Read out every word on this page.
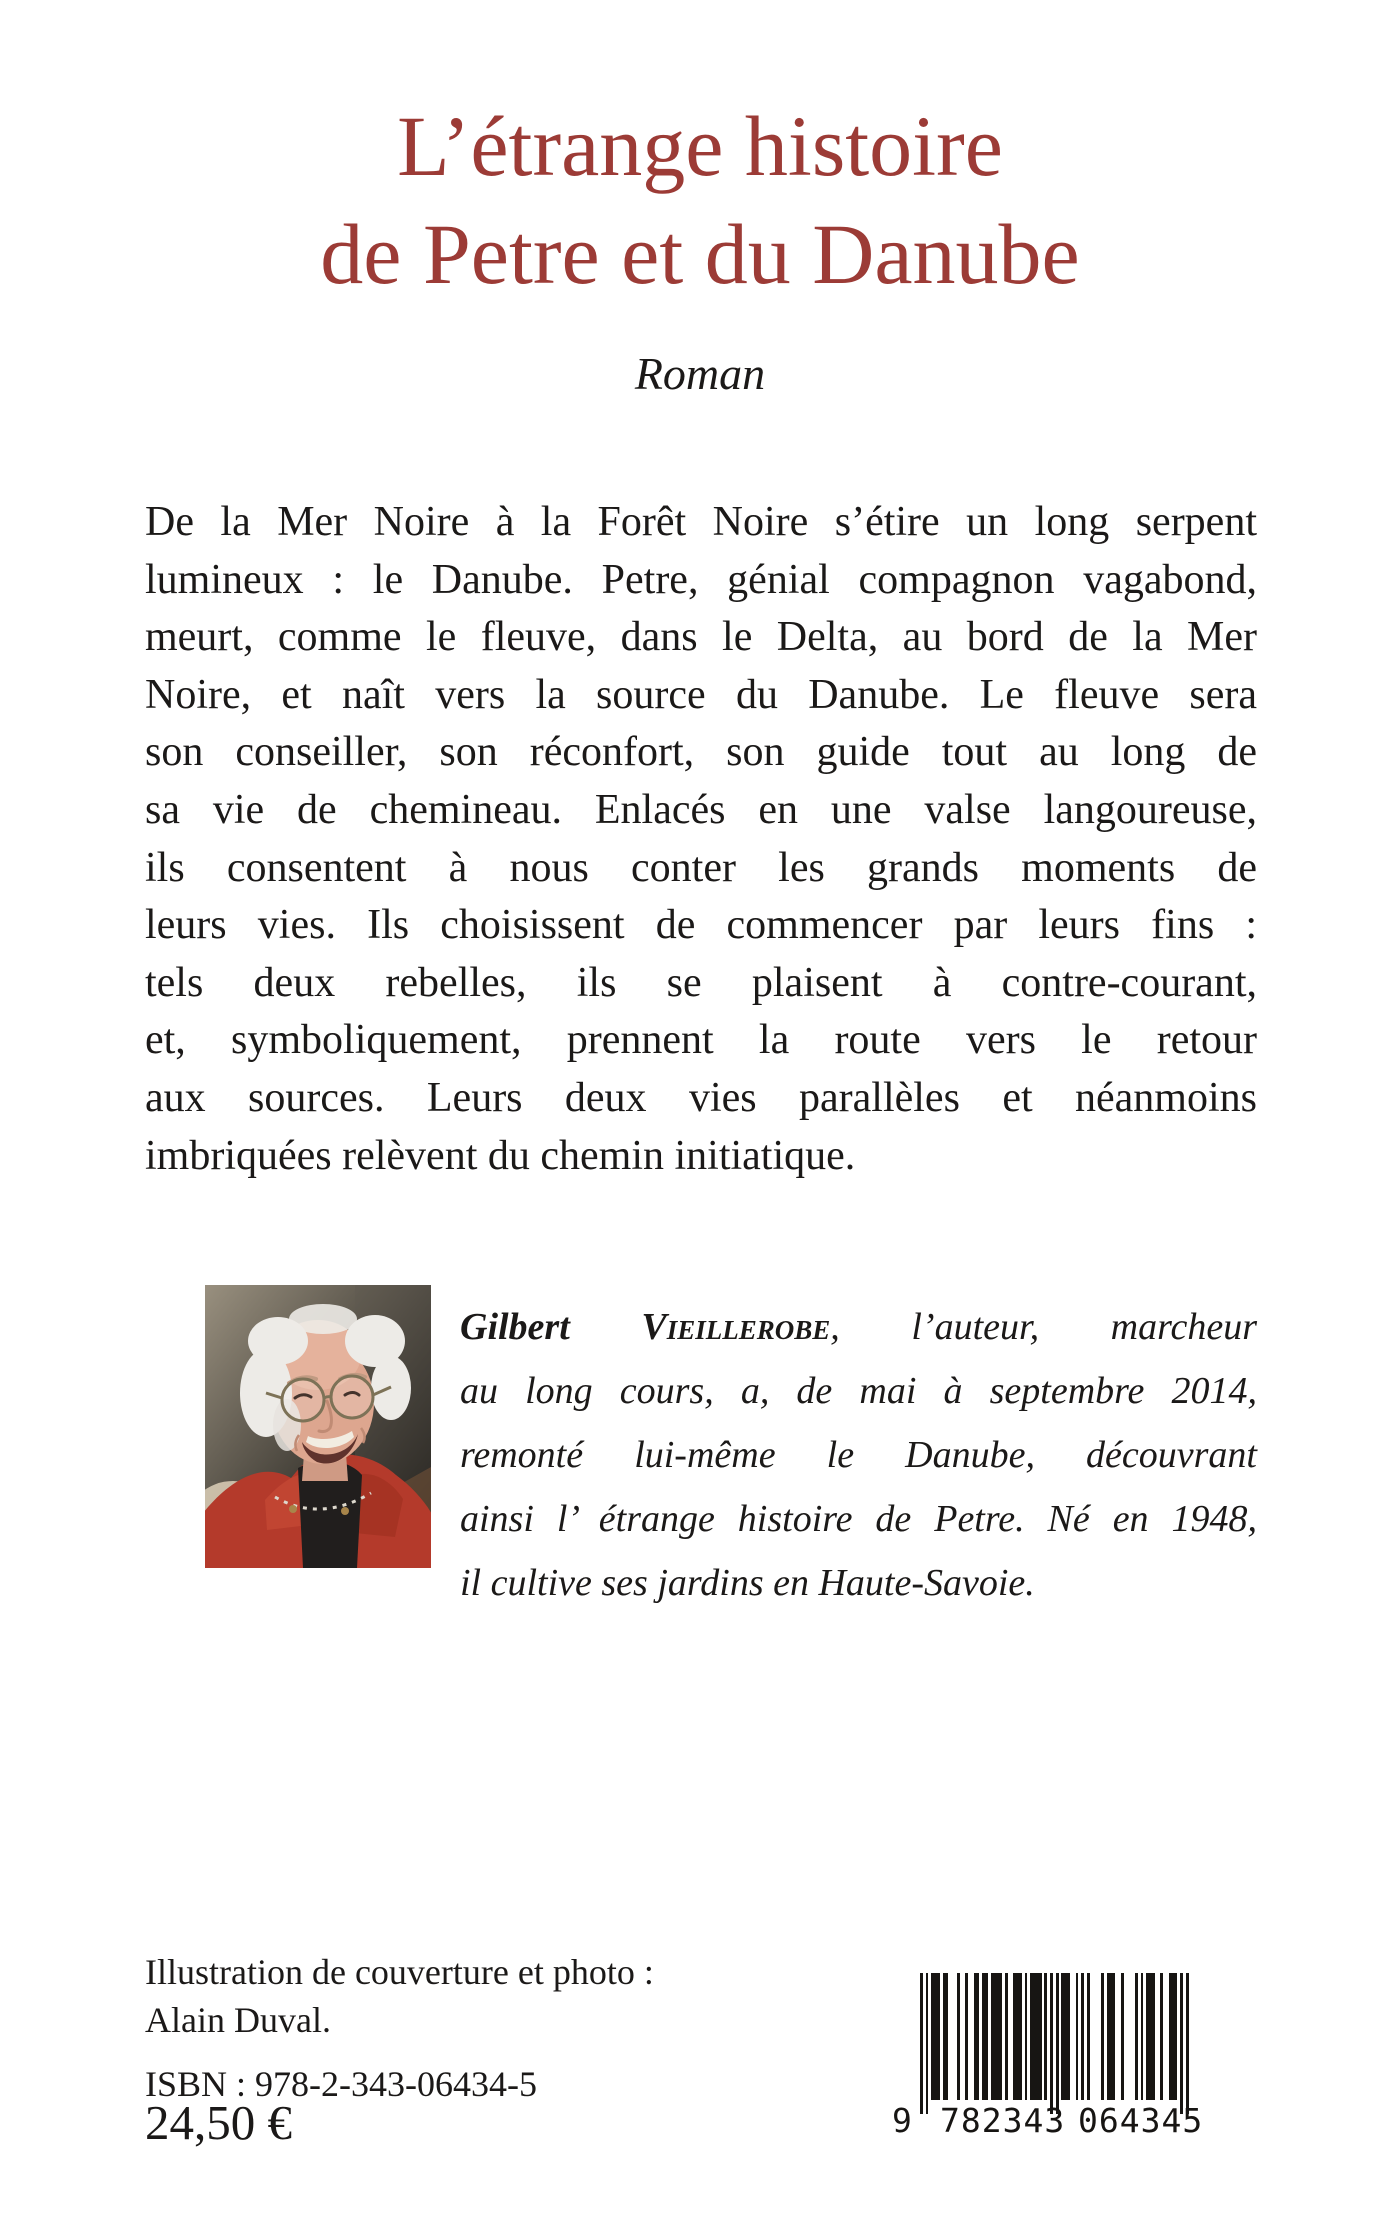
L’étrange histoire
de Petre et du Danube
Roman
De la Mer Noire à la Forêt Noire s’étire un long serpent
lumineux : le Danube. Petre, génial compagnon vagabond,
meurt, comme le fleuve, dans le Delta, au bord de la Mer
Noire, et naît vers la source du Danube. Le fleuve sera
son conseiller, son réconfort, son guide tout au long de
sa vie de chemineau. Enlacés en une valse langoureuse,
ils consentent à nous conter les grands moments de
leurs vies. Ils choisissent de commencer par leurs fins :
tels deux rebelles, ils se plaisent à contre-courant,
et, symboliquement, prennent la route vers le retour
aux sources. Leurs deux vies parallèles et néanmoins
imbriquées relèvent du chemin initiatique.
Gilbert Vieillerobe, l’auteur, marcheur
au long cours, a, de mai à septembre 2014,
remonté lui-même le Danube, découvrant
ainsi l’ étrange histoire de Petre. Né en 1948,
il cultive ses jardins en Haute-Savoie.
Illustration de couverture et photo :
Alain Duval.
ISBN : 978-2-343-06434-5
24,50 €	9 782343 064345
